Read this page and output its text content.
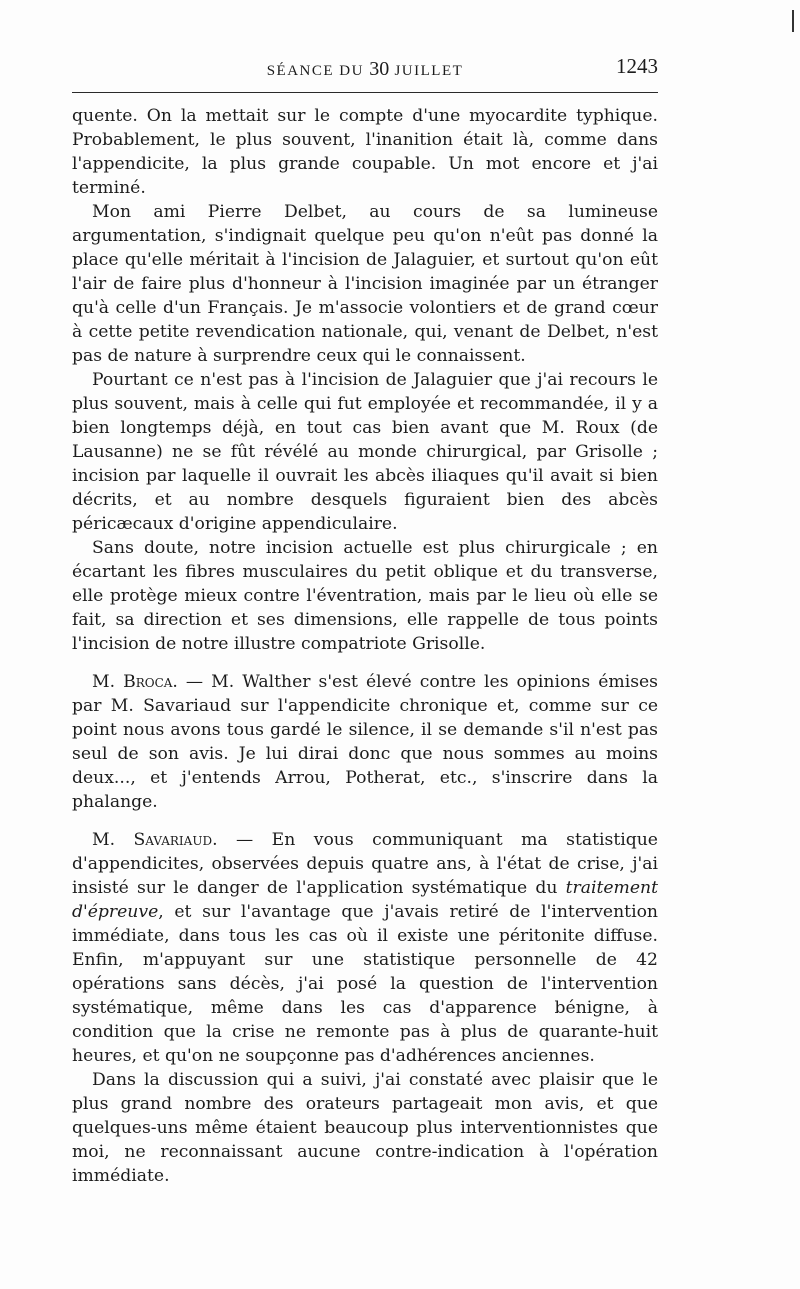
SÉANCE DU 30 JUILLET	1243

quente. On la mettait sur le compte d'une myocardite typhique. Probablement, le plus souvent, l'inanition était là, comme dans l'appendicite, la plus grande coupable. Un mot encore et j'ai terminé.

Mon ami Pierre Delbet, au cours de sa lumineuse argumentation, s'indignait quelque peu qu'on n'eût pas donné la place qu'elle méritait à l'incision de Jalaguier, et surtout qu'on eût l'air de faire plus d'honneur à l'incision imaginée par un étranger qu'à celle d'un Français. Je m'associe volontiers et de grand cœur à cette petite revendication nationale, qui, venant de Delbet, n'est pas de nature à surprendre ceux qui le connaissent.

Pourtant ce n'est pas à l'incision de Jalaguier que j'ai recours le plus souvent, mais à celle qui fut employée et recommandée, il y a bien longtemps déjà, en tout cas bien avant que M. Roux (de Lausanne) ne se fût révélé au monde chirurgical, par Grisolle ; incision par laquelle il ouvrait les abcès iliaques qu'il avait si bien décrits, et au nombre desquels figuraient bien des abcès péricæcaux d'origine appendiculaire.

Sans doute, notre incision actuelle est plus chirurgicale ; en écartant les fibres musculaires du petit oblique et du transverse, elle protège mieux contre l'éventration, mais par le lieu où elle se fait, sa direction et ses dimensions, elle rappelle de tous points l'incision de notre illustre compatriote Grisolle.

M. Broca. — M. Walther s'est élevé contre les opinions émises par M. Savariaud sur l'appendicite chronique et, comme sur ce point nous avons tous gardé le silence, il se demande s'il n'est pas seul de son avis. Je lui dirai donc que nous sommes au moins deux..., et j'entends Arrou, Potherat, etc., s'inscrire dans la phalange.

M. Savariaud. — En vous communiquant ma statistique d'appendicites, observées depuis quatre ans, à l'état de crise, j'ai insisté sur le danger de l'application systématique du traitement d'épreuve, et sur l'avantage que j'avais retiré de l'intervention immédiate, dans tous les cas où il existe une péritonite diffuse. Enfin, m'appuyant sur une statistique personnelle de 42 opérations sans décès, j'ai posé la question de l'intervention systématique, même dans les cas d'apparence bénigne, à condition que la crise ne remonte pas à plus de quarante-huit heures, et qu'on ne soupçonne pas d'adhérences anciennes.

Dans la discussion qui a suivi, j'ai constaté avec plaisir que le plus grand nombre des orateurs partageait mon avis, et que quelques-uns même étaient beaucoup plus interventionnistes que moi, ne reconnaissant aucune contre-indication à l'opération immédiate.
